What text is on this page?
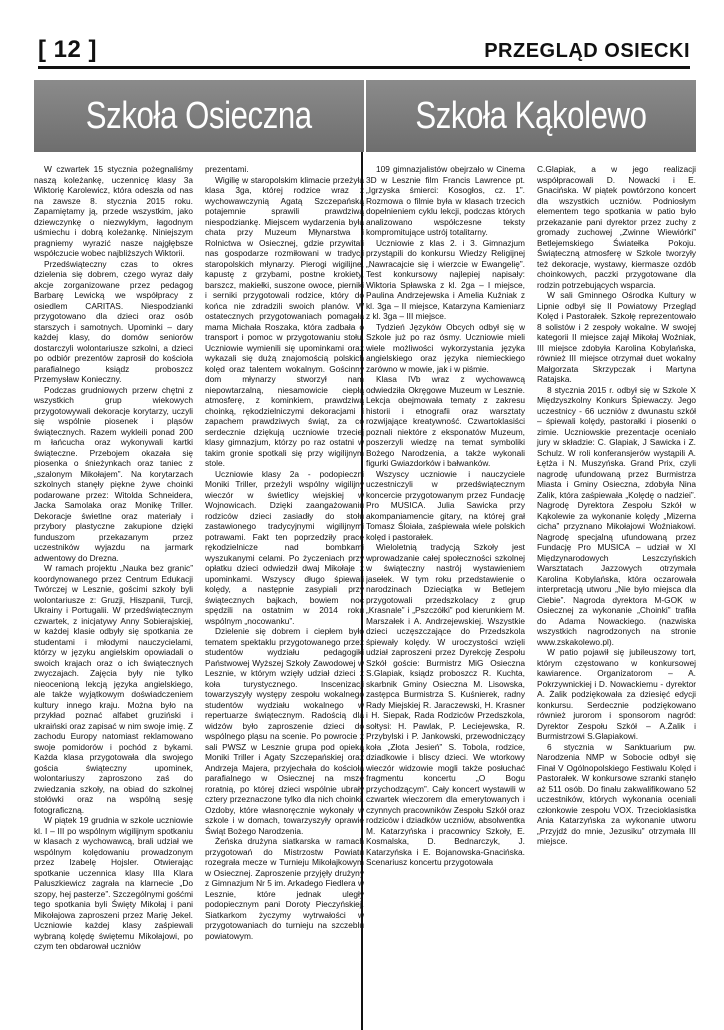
[ 12 ]	PRZEGLĄD OSIECKI
Szkoła Osieczna

W czwartek 15 stycznia pożegnaliśmy naszą koleżankę, uczennicę klasy 3a Wiktorię Karolewicz, która odeszła od nas na zawsze 8. stycznia 2015 roku. Zapamiętamy ją, przede wszystkim, jako dziewczynkę o niezwykłym, łagodnym uśmiechu i dobrą koleżankę. Niniejszym pragniemy wyrazić nasze najgłębsze współczucie wobec najbliższych Wiktorii.

Przedświąteczny czas to okres dzielenia się dobrem, czego wyraz dały akcje zorganizowane przez pedagog Barbarę Lewicką we współpracy z osiedlem CARITAS. Niespodzianki przygotowano dla dzieci oraz osób starszych i samotnych. Upominki – dary każdej klasy, do domów seniorów dostarczyli wolontariusze szkolni, a dzieci po odbiór prezentów zaprosił do kościoła parafialnego ksiądz proboszcz Przemysław Konieczny.

Podczas grudniowych przerw chętni z wszystkich grup wiekowych przygotowywali dekoracje korytarzy, uczyli się wspólnie piosenek i pląsów świątecznych. Razem wykleili ponad 200 m łańcucha oraz wykonywali kartki świąteczne. Przebojem okazała się piosenka o śnieżynkach oraz taniec z „szalonym Mikołajem”. Na korytarzach szkolnych stanęły piękne żywe choinki podarowane przez: Witolda Schneidera, Jacka Samolaka oraz Monikę Triller. Dekoracje świetlne oraz materiały i przybory plastyczne zakupione dzięki funduszom przekazanym przez uczestników wyjazdu na jarmark adwentowy do Drezna.

W ramach projektu „Nauka bez granic” koordynowanego przez Centrum Edukacji Twórczej w Lesznie, gościmi szkoły byli wolontariusze z: Gruzji, Hiszpanii, Turcji, Ukrainy i Portugalii. W przedświątecznym czwartek, z inicjatywy Anny Sobierajskiej, w każdej klasie odbyły się spotkania ze studentami i młodymi nauczycielami, którzy w języku angielskim opowiadali o swoich krajach oraz o ich świątecznych zwyczajach. Zajęcia były nie tylko nieocenioną lekcją języka angielskiego, ale także wyjątkowym doświadczeniem kultury innego kraju. Można było na przykład poznać alfabet gruziński i ukraiński oraz zapisać w nim swoje imię. Z zachodu Europy natomiast reklamowano swoje pomidorów i pochód z bykami. Każda klasa przygotowała dla swojego gościa świąteczny upominek, wolontariuszy zaproszono zaś do zwiedzania szkoły, na obiad do szkolnej stołówki oraz na wspólną sesję fotograficzną.

W piątek 19 grudnia w szkole uczniowie kl. I – III po wspólnym wigilijnym spotkaniu w klasach z wychowawcą, brali udział we wspólnym kolędowaniu prowadzonym przez Izabelę Hojsler. Otwierając spotkanie uczennica klasy IIIa Klara Paluszkiewicz zagrała na klarnecie „Do szopy, hej pasterze”. Szczególnymi gośćmi tego spotkania byli Święty Mikołaj i pani Mikołajowa zaproszeni przez Marię Jekel. Uczniowie każdej klasy zaśpiewali wybraną kolędę świętemu Mikołajowi, po czym ten obdarował uczniów

prezentami.

Wigilię w staropolskim klimacie przeżyła klasa 3ga, której rodzice wraz z wychowawczynią Agatą Szczepańską potajemnie sprawili prawdziwą niespodziankę. Miejscem wydarzenia była chata przy Muzeum Młynarstwa i Rolnictwa w Osiecznej, gdzie przywitali nas gospodarze rozmiłowani w tradycji staropolskich młynarzy. Pierogi wigilijne, kapustę z grzybami, postne krokiety, barszcz, makiełki, suszone owoce, pierniki i serniki przygotowali rodzice, który do końca nie zdradzili swoich planów. W ostatecznych przygotowaniach pomagała mama Michała Roszaka, która zadbała o transport i pomoc w przygotowaniu stołu. Uczniowie wymienili się upominkami oraz wykazali się dużą znajomością polskich kolęd oraz talentem wokalnym. Gościnny dom młynarzy stworzył nam niepowtarzalną, niesamowicie ciepłą atmosferę, z kominkiem, prawdziwą choinką, rękodzielniczymi dekoracjami i zapachem prawdziwych świąt, za co serdecznie dziękują uczniowie trzeciej klasy gimnazjum, którzy po raz ostatni w takim gronie spotkali się przy wigilijnym stole.

Uczniowie klasy 2a - podopieczni Moniki Triller, przeżyli wspólny wigilijny wieczór w świetlicy wiejskiej w Wojnowicach. Dzięki zaangażowaniu rodziców dzieci zasiadły do stołu zastawionego tradycyjnymi wigilijnymi potrawami. Fakt ten poprzedziły prace rękodzielnicze nad bombkami wyszukanymi celami. Po życzeniach przy opłatku dzieci odwiedził dwaj Mikołaje z upominkami. Wszyscy długo śpiewali kolędy, a następnie zasypiali przy świątecznych bajkach, bowiem noc spędzili na ostatnim w 2014 roku wspólnym „nocowanku”.

Dzielenie się dobrem i ciepłem było tematem spektaklu przygotowanego przez studentów wydziału pedagogiki Państwowej Wyższej Szkoły Zawodowej w Lesznie, w którym wzięły udział dzieci z koła turystycznego. Inscenizacji towarzyszyły występy zespołu wokalnego studentów wydziału wokalnego w repertuarze świątecznym. Radością dla widzów było zaproszenie dzieci do wspólnego pląsu na scenie. Po powrocie z sali PWSZ w Lesznie grupa pod opieką Moniki Triller i Agaty Szczepańskiej oraz Andrzeja Majera, przyjechała do kościoła parafialnego w Osiecznej na mszę roratnią, po której dzieci wspólnie ubrały cztery przeznaczone tylko dla nich choinki. Ozdoby, które własnoręcznie wykonały w szkole i w domach, towarzyszyły oprawie Świąt Bożego Narodzenia.

Żeńska drużyna siatkarska w ramach przygotowań do Mistrzostw Powiatu rozegrała mecze w Turnieju Mikołajkowym w Osiecznej. Zaproszenie przyjęły drużyny z Gimnazjum Nr 5 im. Arkadego Fiedlera w Lesznie, które jednak uległy podopiecznym pani Doroty Pieczyńskiej. Siatkarkom życzymy wytrwałości w przygotowaniach do turnieju na szczeblu powiatowym.

Szkoła Kąkolewo

109 gimnazjalistów obejrzało w Cinema 3D w Lesznie film Francis Lawrence pt. „Igrzyska śmierci: Kosogłos, cz. 1”. Rozmowa o filmie była w klasach trzecich dopełnieniem cyklu lekcji, podczas których analizowano współczesne teksty kompromitujące ustrój totalitarny.

Uczniowie z klas 2. i 3. Gimnazjum przystąpili do konkursu Wiedzy Religijnej „Nawracajcie się i wierzcie w Ewangelię”. Test konkursowy najlepiej napisały: Wiktoria Spławska z kl. 2ga – I miejsce, Paulina Andrzejewska i Amelia Kuźniak z kl. 3ga – II miejsce, Katarzyna Kamieniarz z kl. 3ga – III miejsce.

Tydzień Języków Obcych odbył się w Szkole już po raz ósmy. Uczniowie mieli wiele możliwości wykorzystania języka angielskiego oraz języka niemieckiego zarówno w mowie, jak i w piśmie.

Klasa IVb wraz z wychowawcą odwiedziła Okręgowe Muzeum w Lesznie. Lekcja obejmowała tematy z zakresu historii i etnografii oraz warsztaty rozwijające kreatywność. Czwartoklasiści poznali niektóre z eksponatów Muzeum, poszerzyli wiedzę na temat symboliki Bożego Narodzenia, a także wykonali figurki Gwiazdorków i bałwanków.

Wszyscy uczniowie i nauczyciele uczestniczyli w przedświątecznym koncercie przygotowanym przez Fundację Pro MUSICA. Julia Sawicka przy akompaniamencie gitary, na której grał Tomasz Śloiała, zaśpiewała wiele polskich kolęd i pastorałek.

Wieloletnią tradycją Szkoły jest wprowadzanie całej społeczności szkolnej w świąteczny nastrój wystawieniem jasełek. W tym roku przedstawienie o narodzinach Dzieciątka w Betlejem przygotowali przedszkolacy z grup „Krasnale” i „Pszczółki” pod kierunkiem M. Marszałek i A. Andrzejewskiej. Wszystkie dzieci uczęszczające do Przedszkola śpiewały kolędy. W uroczystości wzięli udział zaproszeni przez Dyrekcję Zespołu Szkół goście: Burmistrz MiG Osieczna S.Glapiak, ksiądz proboszcz R. Kuchta, skarbnik Gminy Osieczna M. Lisowska, zastępca Burmistrza S. Kuśnierek, radny Rady Miejskiej R. Jaraczewski, H. Krasner i H. Siepak, Rada Rodziców Przedszkola, sołtysi: H. Pawlak, P. Leciejewska, R. Przybylski i P. Jankowski, przewodniczący koła „Złota Jesień” S. Tobola, rodzice, dziadkowie i bliscy dzieci. We wtorkowy wieczór widzowie mogli także posłuchać fragmentu koncertu „O Bogu przychodzącym”. Cały koncert wystawili w czwartek wieczorem dla emerytowanych i czynnych pracowników Zespołu Szkół oraz rodziców i dziadków uczniów, absolwentka M. Katarzyńska i pracownicy Szkoły, E. Kosmalska, D. Bednarczyk, J. Katarzyńska i E. Bojanowska-Gnacińska. Scenariusz koncertu przygotowała

C.Glapiak, a w jego realizacji współpracowali D. Nowacki i E. Gnacińska. W piątek powtórzono koncert dla wszystkich uczniów. Podniosłym elementem tego spotkania w patio było przekazanie pani dyrektor przez zuchy z gromady zuchowej „Zwinne Wiewiórki” Betlejemskiego Światełka Pokoju. Świąteczną atmosferę w Szkole tworzyły też dekoracje, wystawy, kiermasze ozdób choinkowych, paczki przygotowane dla rodzin potrzebujących wsparcia.

W sali Gminnego Ośrodka Kultury w Lipnie odbył się II Powiatowy Przegląd Kolęd i Pastorałek. Szkołę reprezentowało 8 solistów i 2 zespoły wokalne. W swojej kategorii II miejsce zajął Mikołaj Woźniak, III miejsce zdobyła Karolina Kobylańska, również III miejsce otrzymał duet wokalny Małgorzata Skrzypczak i Martyna Ratajska.

8 stycznia 2015 r. odbył się w Szkole X Międzyszkolny Konkurs Śpiewaczy. Jego uczestnicy - 66 uczniów z dwunastu szkół – śpiewali kolędy, pastorałki i piosenki o zimie. Uczniowskie prezentacje oceniało jury w składzie: C. Glapiak, J Sawicka i Z. Schulz. W roli konferansjerów wystąpili A. Łętża i N. Muszyńska. Grand Prix, czyli nagrodę ufundowaną przez Burmistrza Miasta i Gminy Osieczna, zdobyła Nina Zalik, która zaśpiewała „Kolędę o nadziei”. Nagrodę Dyrektora Zespołu Szkół w Kąkolewie za wykonanie kolędy „Mizerna cicha” przyznano Mikołajowi Woźniakowi. Nagrodę specjalną ufundowaną przez Fundację Pro MUSICA – udział w XI Międzynarodowych Leszczyńskich Warsztatach Jazzowych otrzymała Karolina Kobylańska, która oczarowała interpretacją utworu „Nie było miejsca dla Ciebie”. Nagroda dyrektora M-GOK w Osiecznej za wykonanie „Choinki” trafiła do Adama Nowackiego. (nazwiska wszystkich nagrodzonych na stronie www.zskakolewo.pl).

W patio pojawił się jubileuszowy tort, którym częstowano w konkursowej kawiarence. Organizatorom – A. Pokrzywnickiej i D. Nowackiemu - dyrektor A. Żalik podziękowała za dziesięć edycji konkursu. Serdecznie podziękowano również jurorom i sponsorom nagród: Dyrektor Zespołu Szkół – A.Żalik i Burmistrzowi S.Glapiakowi.

6 stycznia w Sanktuarium pw. Narodzenia NMP w Sobocie odbył się Finał V Ogólnopolskiego Festiwalu Kolęd i Pastorałek. W konkursowe szranki stanęło aż 511 osób. Do finału zakwalifikowano 52 uczestników, których wykonania oceniali członkowie zespołu VOX. Trzecioklasistka Ania Katarzyńska za wykonanie utworu „Przyjdź do mnie, Jezusiku” otrzymała III miejsce.
